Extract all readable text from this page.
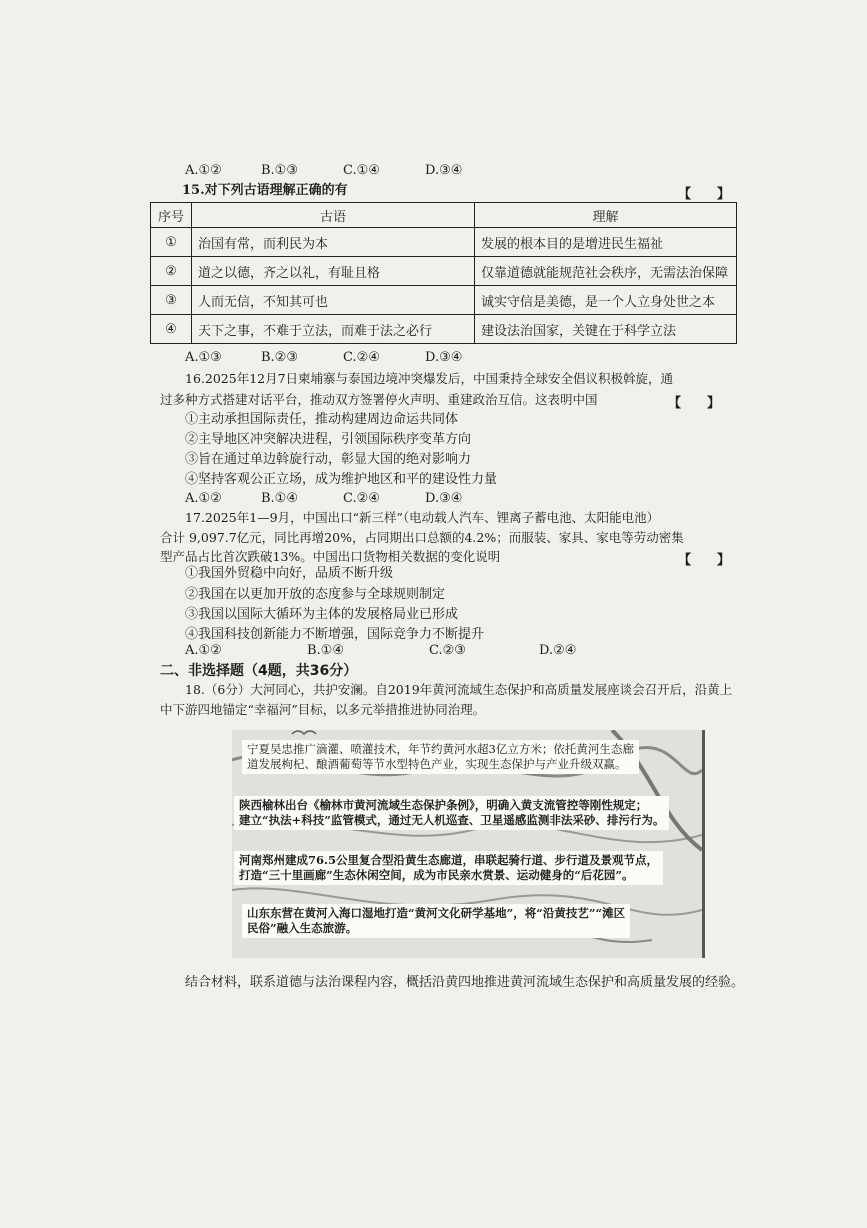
A.①②	B.①③	C.①④	D.③④
15.对下列古语理解正确的有	【　　】
序号	古语	理解
①	治国有常，而利民为本	发展的根本目的是增进民生福祉
②	道之以德，齐之以礼，有耻且格	仅靠道德就能规范社会秩序，无需法治保障
③	人而无信，不知其可也	诚实守信是美德，是一个人立身处世之本
④	天下之事，不难于立法，而难于法之必行	建设法治国家，关键在于科学立法
A.①③	B.②③	C.②④	D.③④
16.2025年12月7日柬埔寨与泰国边境冲突爆发后，中国秉持全球安全倡议积极斡旋，通
过多种方式搭建对话平台，推动双方签署停火声明、重建政治互信。这表明中国	【　　】
①主动承担国际责任，推动构建周边命运共同体
②主导地区冲突解决进程，引领国际秩序变革方向
③旨在通过单边斡旋行动，彰显大国的绝对影响力
④坚持客观公正立场，成为维护地区和平的建设性力量
A.①②	B.①④	C.②④	D.③④
17.2025年1—9月，中国出口“新三样”（电动载人汽车、锂离子蓄电池、太阳能电池）
合计 9,097.7亿元，同比再增20%，占同期出口总额的4.2%；而服装、家具、家电等劳动密集
型产品占比首次跌破13%。中国出口货物相关数据的变化说明	【　　】
①我国外贸稳中向好，品质不断升级
②我国在以更加开放的态度参与全球规则制定
③我国以国际大循环为主体的发展格局业已形成
④我国科技创新能力不断增强，国际竞争力不断提升
A.①②	B.①④	C.②③	D.②④
二、非选择题（4题，共36分）
18.（6分）大河同心，共护安澜。自2019年黄河流域生态保护和高质量发展座谈会召开后，沿黄上
中下游四地锚定“幸福河”目标，以多元举措推进协同治理。
宁夏吴忠推广滴灌、喷灌技术，年节约黄河水超3亿立方米；依托黄河生态廊
道发展枸杞、酿酒葡萄等节水型特色产业，实现生态保护与产业升级双赢。
陕西榆林出台《榆林市黄河流域生态保护条例》，明确入黄支流管控等刚性规定；
建立“执法+科技”监管模式，通过无人机巡查、卫星遥感监测非法采砂、排污行为。
河南郑州建成76.5公里复合型沿黄生态廊道，串联起骑行道、步行道及景观节点，
打造“三十里画廊”生态休闲空间，成为市民亲水赏景、运动健身的“后花园”。
山东东营在黄河入海口湿地打造“黄河文化研学基地”，将“沿黄技艺”“滩区
民俗”融入生态旅游。
结合材料，联系道德与法治课程内容，概括沿黄四地推进黄河流域生态保护和高质量发展的经验。
